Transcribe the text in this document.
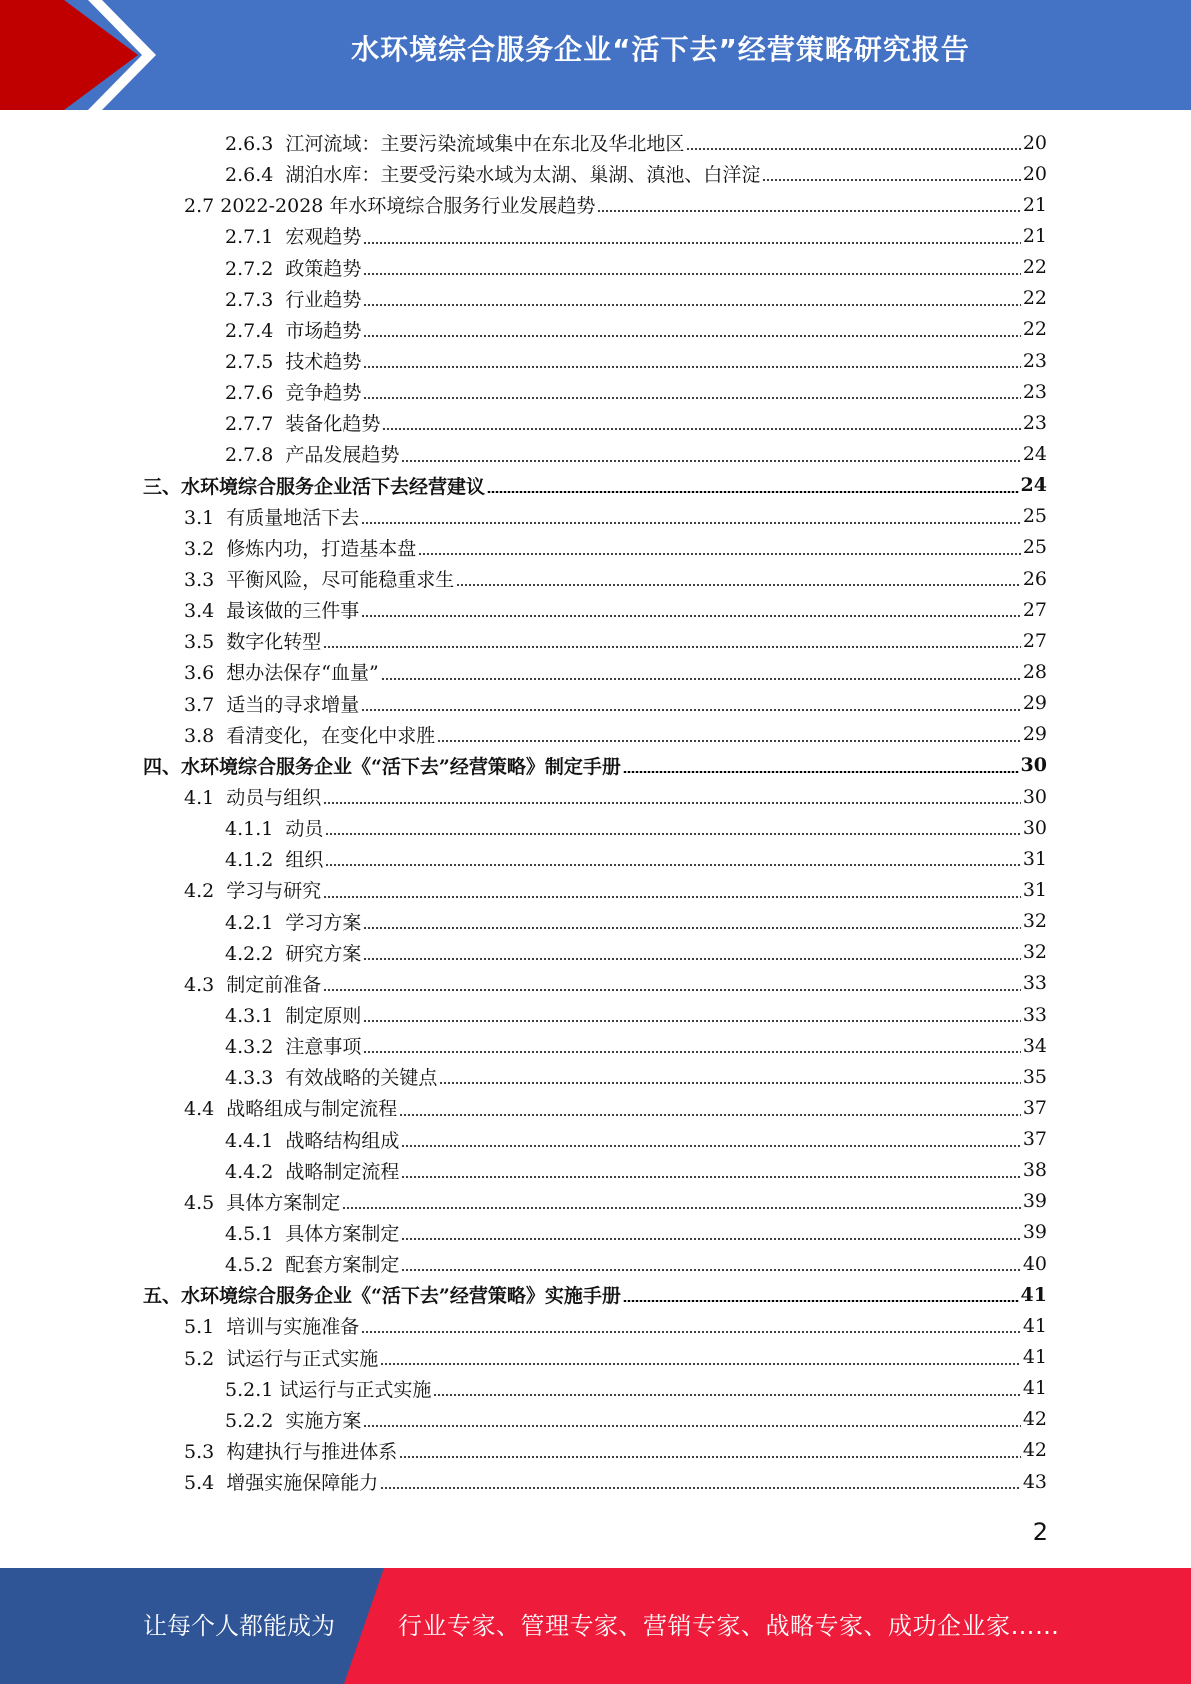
水环境综合服务企业“活下去”经营策略研究报告
2.6.3  江河流域：主要污染流域集中在东北及华北地区	20
2.6.4  湖泊水库：主要受污染水域为太湖、巢湖、滇池、白洋淀	20
2.7 2022-2028 年水环境综合服务行业发展趋势	21
2.7.1  宏观趋势	21
2.7.2  政策趋势	22
2.7.3  行业趋势	22
2.7.4  市场趋势	22
2.7.5  技术趋势	23
2.7.6  竞争趋势	23
2.7.7  装备化趋势	23
2.7.8  产品发展趋势	24
三、水环境综合服务企业活下去经营建议	24
3.1  有质量地活下去	25
3.2  修炼内功，打造基本盘	25
3.3  平衡风险，尽可能稳重求生	26
3.4  最该做的三件事	27
3.5  数字化转型	27
3.6  想办法保存“血量”	28
3.7  适当的寻求增量	29
3.8  看清变化，在变化中求胜	29
四、水环境综合服务企业《“活下去”经营策略》制定手册	30
4.1  动员与组织	30
4.1.1  动员	30
4.1.2  组织	31
4.2  学习与研究	31
4.2.1  学习方案	32
4.2.2  研究方案	32
4.3  制定前准备	33
4.3.1  制定原则	33
4.3.2  注意事项	34
4.3.3  有效战略的关键点	35
4.4  战略组成与制定流程	37
4.4.1  战略结构组成	37
4.4.2  战略制定流程	38
4.5  具体方案制定	39
4.5.1  具体方案制定	39
4.5.2  配套方案制定	40
五、水环境综合服务企业《“活下去”经营策略》实施手册	41
5.1  培训与实施准备	41
5.2  试运行与正式实施	41
5.2.1 试运行与正式实施	41
5.2.2  实施方案	42
5.3  构建执行与推进体系	42
5.4  增强实施保障能力	43
2
让每个人都能成为	行业专家、管理专家、营销专家、战略专家、成功企业家……
